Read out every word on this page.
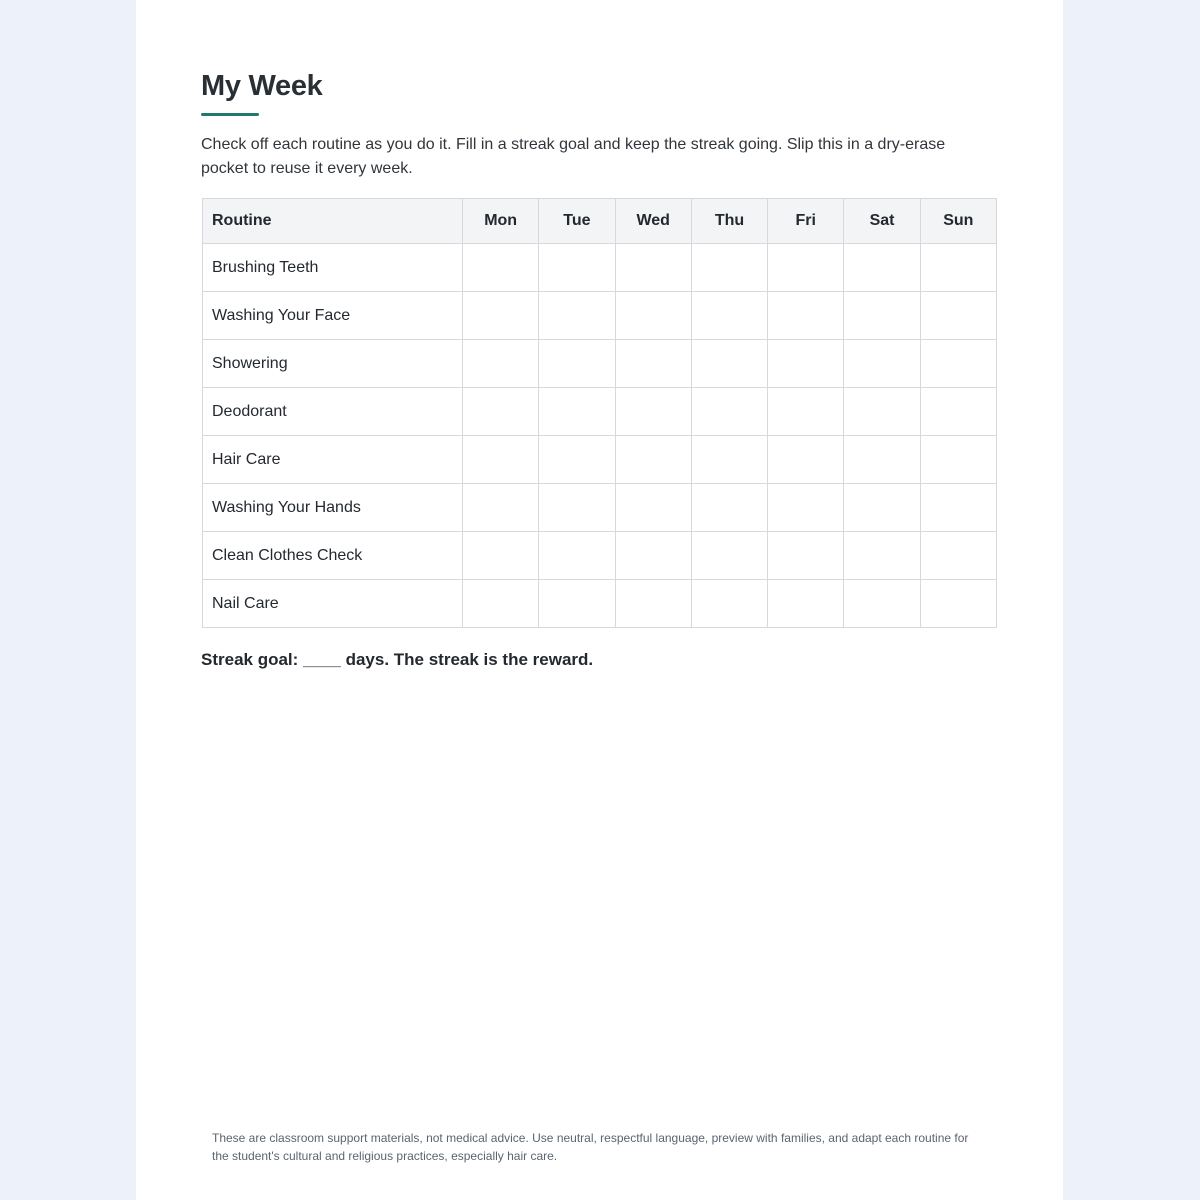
My Week

Check off each routine as you do it. Fill in a streak goal and keep the streak going. Slip this in a dry-erase pocket to reuse it every week.

Routine	Mon	Tue	Wed	Thu	Fri	Sat	Sun
Brushing Teeth							
Washing Your Face							
Showering							
Deodorant							
Hair Care							
Washing Your Hands							
Clean Clothes Check							
Nail Care							

Streak goal: ____ days. The streak is the reward.

These are classroom support materials, not medical advice. Use neutral, respectful language, preview with families, and adapt each routine for the student's cultural and religious practices, especially hair care.
